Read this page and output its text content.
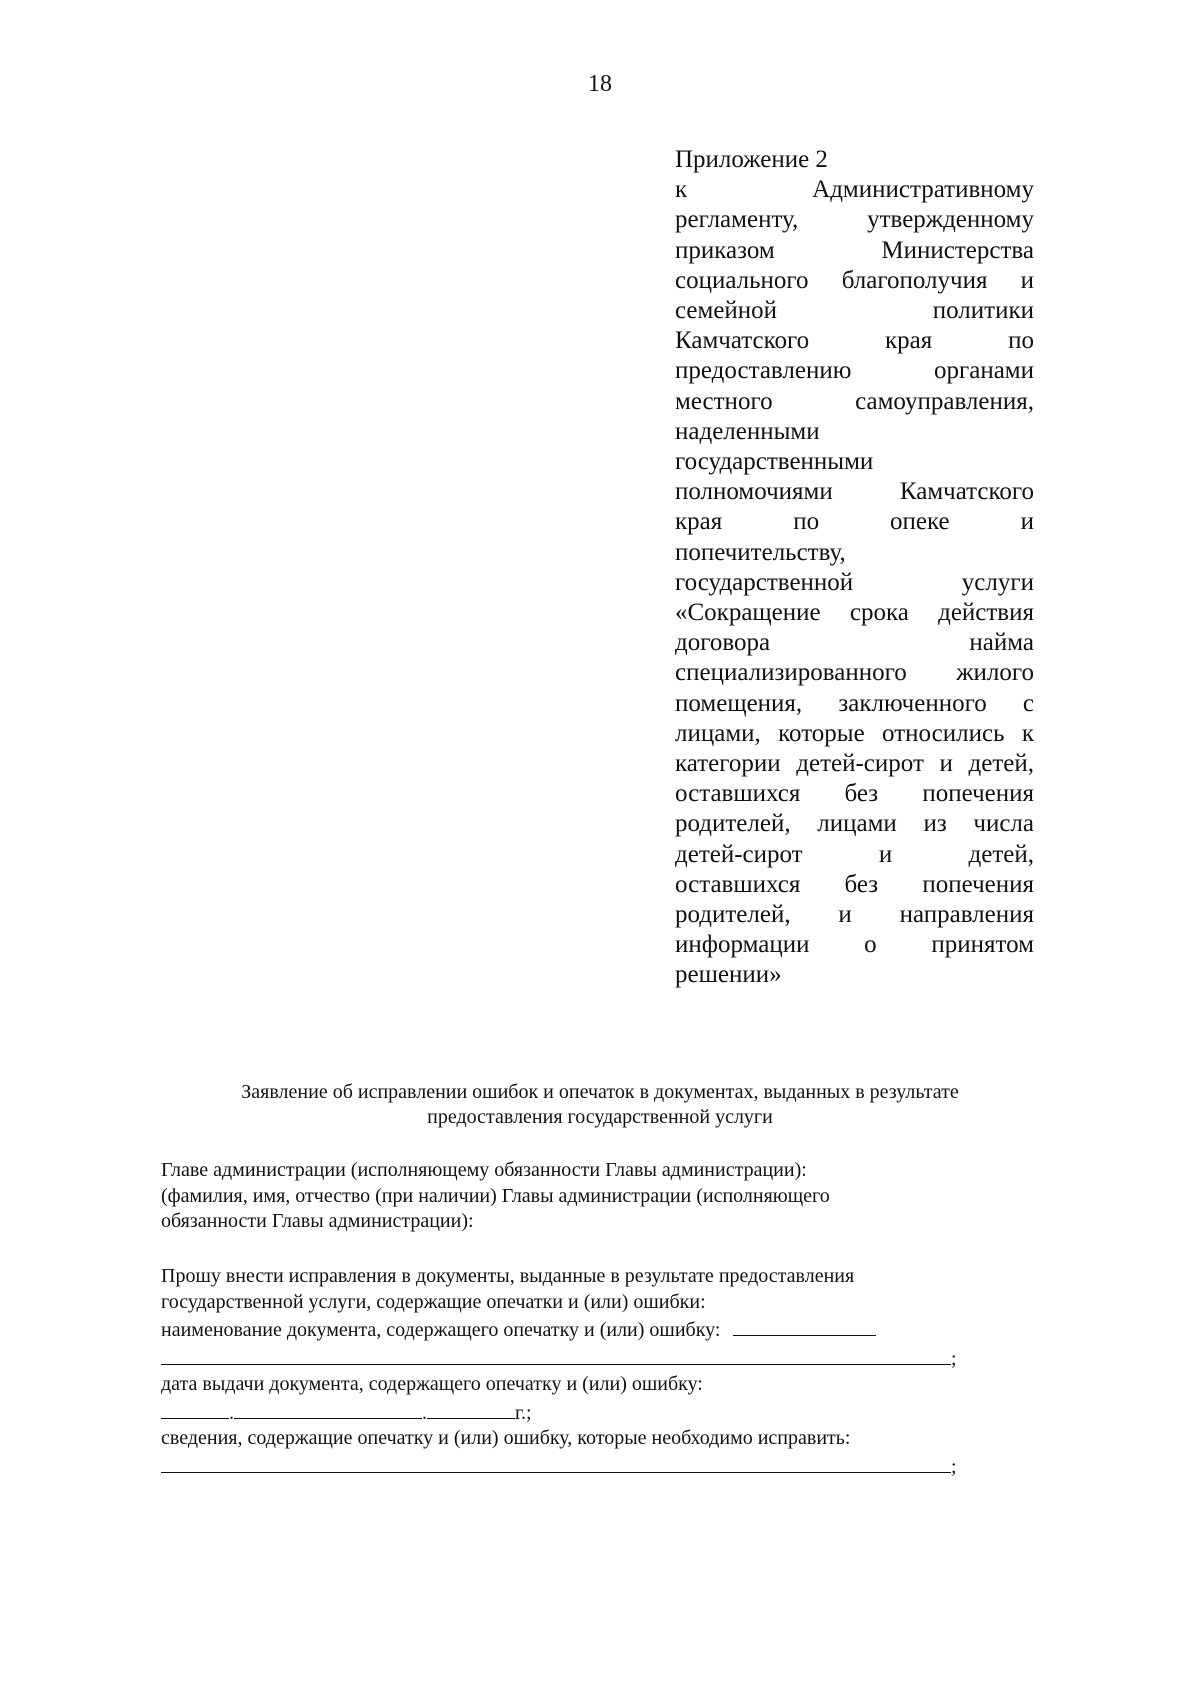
18
Приложение 2
к Административному
регламенту, утвержденному
приказом Министерства
социального благополучия и
семейной политики
Камчатского края по
предоставлению органами
местного самоуправления,
наделенными
государственными
полномочиями Камчатского
края по опеке и
попечительству,
государственной услуги
«Сокращение срока действия
договора найма
специализированного жилого
помещения, заключенного с
лицами, которые относились к
категории детей-сирот и детей,
оставшихся без попечения
родителей, лицами из числа
детей-сирот и детей,
оставшихся без попечения
родителей, и направления
информации о принятом
решении»
Заявление об исправлении ошибок и опечаток в документах, выданных в результате
предоставления государственной услуги
Главе администрации (исполняющему обязанности Главы администрации):
(фамилия, имя, отчество (при наличии) Главы администрации (исполняющего
обязанности Главы администрации):
Прошу внести исправления в документы, выданные в результате предоставления
государственной услуги, содержащие опечатки и (или) ошибки:
наименование документа, содержащего опечатку и (или) ошибку:
;
дата выдачи документа, содержащего опечатку и (или) ошибку:
.	.	г.;
сведения, содержащие опечатку и (или) ошибку, которые необходимо исправить:
;
